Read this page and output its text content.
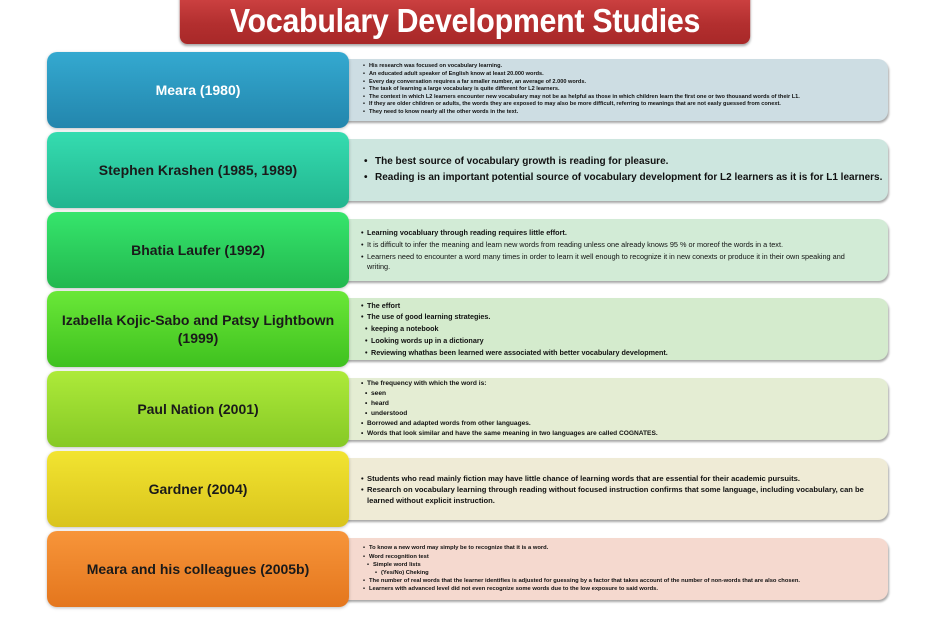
Vocabulary Development Studies
Meara (1980)
• His research was focused on vocabulary learning.
• An educated adult speaker of English know at least 20.000 words.
• Every day conversation requires a far smaller number, an average of 2.000 words.
• The task of learning a large vocabulary is quite different for L2 learners.
• The context in which L2 learners encounter new vocabulary may not be as helpful as those in which children learn the first one or two thousand words of their L1.
• If they are older children or adults, the words they are exposed to may also be more difficult, referring to meanings that are not easly guessed from conext.
• They need to know nearly all the other words in the text.
Stephen Krashen (1985, 1989)
• The best source of vocabulary growth is reading for pleasure.
• Reading is an important potential source of vocabulary development for L2 learners as it is for L1 learners.
Bhatia Laufer (1992)
• Learning vocabluary through reading requires little effort.
• It is difficult to infer the meaning and learn new words from reading unless one already knows 95 % or moreof the words in a text.
• Learners need to encounter a word many times in order to learn it well enough to recognize it in new conexts or produce it in their own speaking and writing.
Izabella Kojic-Sabo and Patsy Lightbown (1999)
• The effort
• The use of good learning strategies.
• keeping a notebook
• Looking words up in a dictionary
• Reviewing whathas been learned were associated with better vocabulary development.
Paul Nation (2001)
• The frequency with which the word is:
• seen
• heard
• understood
• Borrowed and adapted words from other languages.
• Words that look similar and have the same meaning in two languages are called COGNATES.
Gardner (2004)
• Students who read mainly fiction may have little chance of learning words that are essential for their academic pursuits.
• Research on vocabulary learning through reading without focused instruction confirms that some language, including vocabulary, can be learned without explicit instruction.
Meara and his colleagues (2005b)
• To know a new word may simply be to recognize that it is a word.
• Word recognition test
• Simple word lists
• (Yes/No) Cheking
• The number of real words that the learner identifies is adjusted for guessing by a factor that takes account of the number of non-words that are also chosen.
• Learners with advanced level did not even recognize some words due to the low exposure to said words.
